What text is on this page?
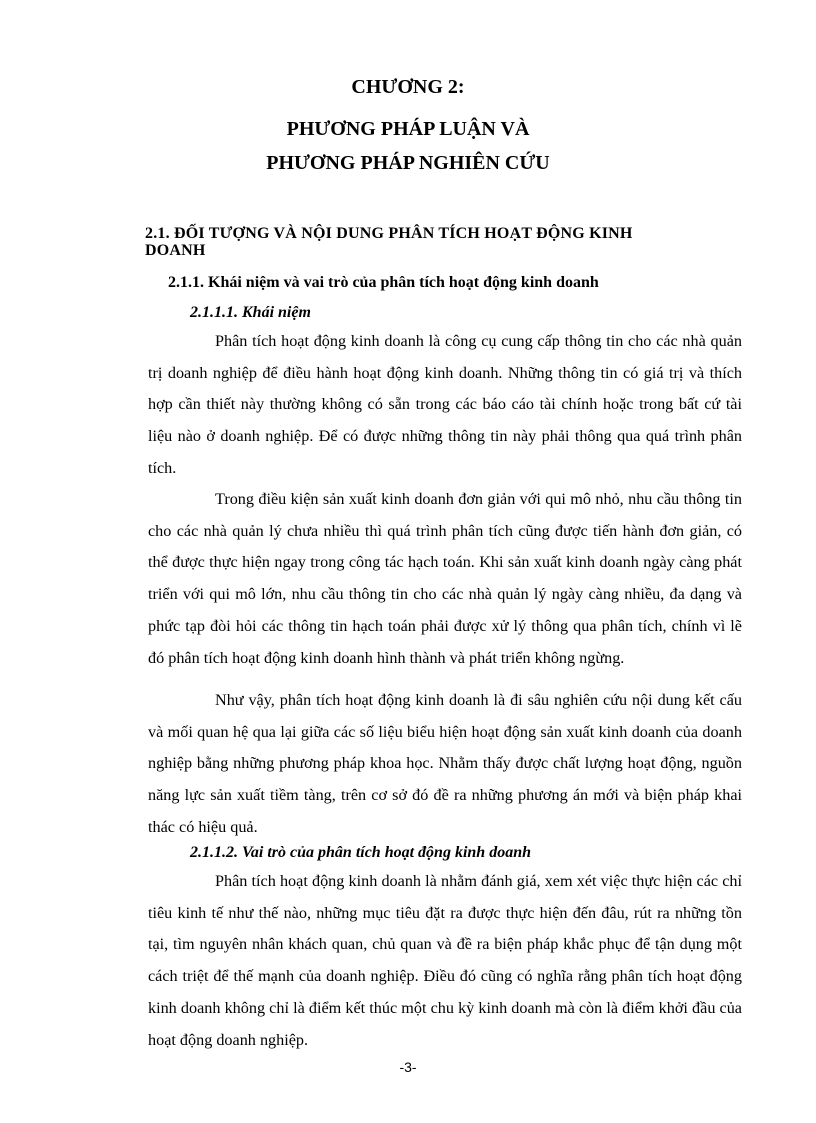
CHƯƠNG 2:
PHƯƠNG PHÁP LUẬN VÀ
PHƯƠNG PHÁP NGHIÊN CỨU
2.1. ĐỐI TƯỢNG VÀ NỘI DUNG PHÂN TÍCH HOẠT ĐỘNG KINH DOANH
2.1.1. Khái niệm và vai trò của phân tích hoạt động kinh doanh
2.1.1.1. Khái niệm

Phân tích hoạt động kinh doanh là công cụ cung cấp thông tin cho các nhà quản trị doanh nghiệp để điều hành hoạt động kinh doanh. Những thông tin có giá trị và thích hợp cần thiết này thường không có sẵn trong các báo cáo tài chính hoặc trong bất cứ tài liệu nào ở doanh nghiệp. Để có được những thông tin này phải thông qua quá trình phân tích.

Trong điều kiện sản xuất kinh doanh đơn giản với qui mô nhỏ, nhu cầu thông tin cho các nhà quản lý chưa nhiều thì quá trình phân tích cũng được tiến hành đơn giản, có thể được thực hiện ngay trong công tác hạch toán. Khi sản xuất kinh doanh ngày càng phát triển với qui mô lớn, nhu cầu thông tin cho các nhà quản lý ngày càng nhiều, đa dạng và phức tạp đòi hỏi các thông tin hạch toán phải được xử lý thông qua phân tích, chính vì lẽ đó phân tích hoạt động kinh doanh hình thành và phát triển không ngừng.

Như vậy, phân tích hoạt động kinh doanh là đi sâu nghiên cứu nội dung kết cấu và mối quan hệ qua lại giữa các số liệu biểu hiện hoạt động sản xuất kinh doanh của doanh nghiệp bằng những phương pháp khoa học. Nhằm thấy được chất lượng hoạt động, nguồn năng lực sản xuất tiềm tàng, trên cơ sở đó đề ra những phương án mới và biện pháp khai thác có hiệu quả.

2.1.1.2. Vai trò của phân tích hoạt động kinh doanh

Phân tích hoạt động kinh doanh là nhằm đánh giá, xem xét việc thực hiện các chỉ tiêu kinh tế như thế nào, những mục tiêu đặt ra được thực hiện đến đâu, rút ra những tồn tại, tìm nguyên nhân khách quan, chủ quan và đề ra biện pháp khắc phục để tận dụng một cách triệt để thế mạnh của doanh nghiệp. Điều đó cũng có nghĩa rằng phân tích hoạt động kinh doanh không chỉ là điểm kết thúc một chu kỳ kinh doanh mà còn là điểm khởi đầu của hoạt động doanh nghiệp.

-3-
